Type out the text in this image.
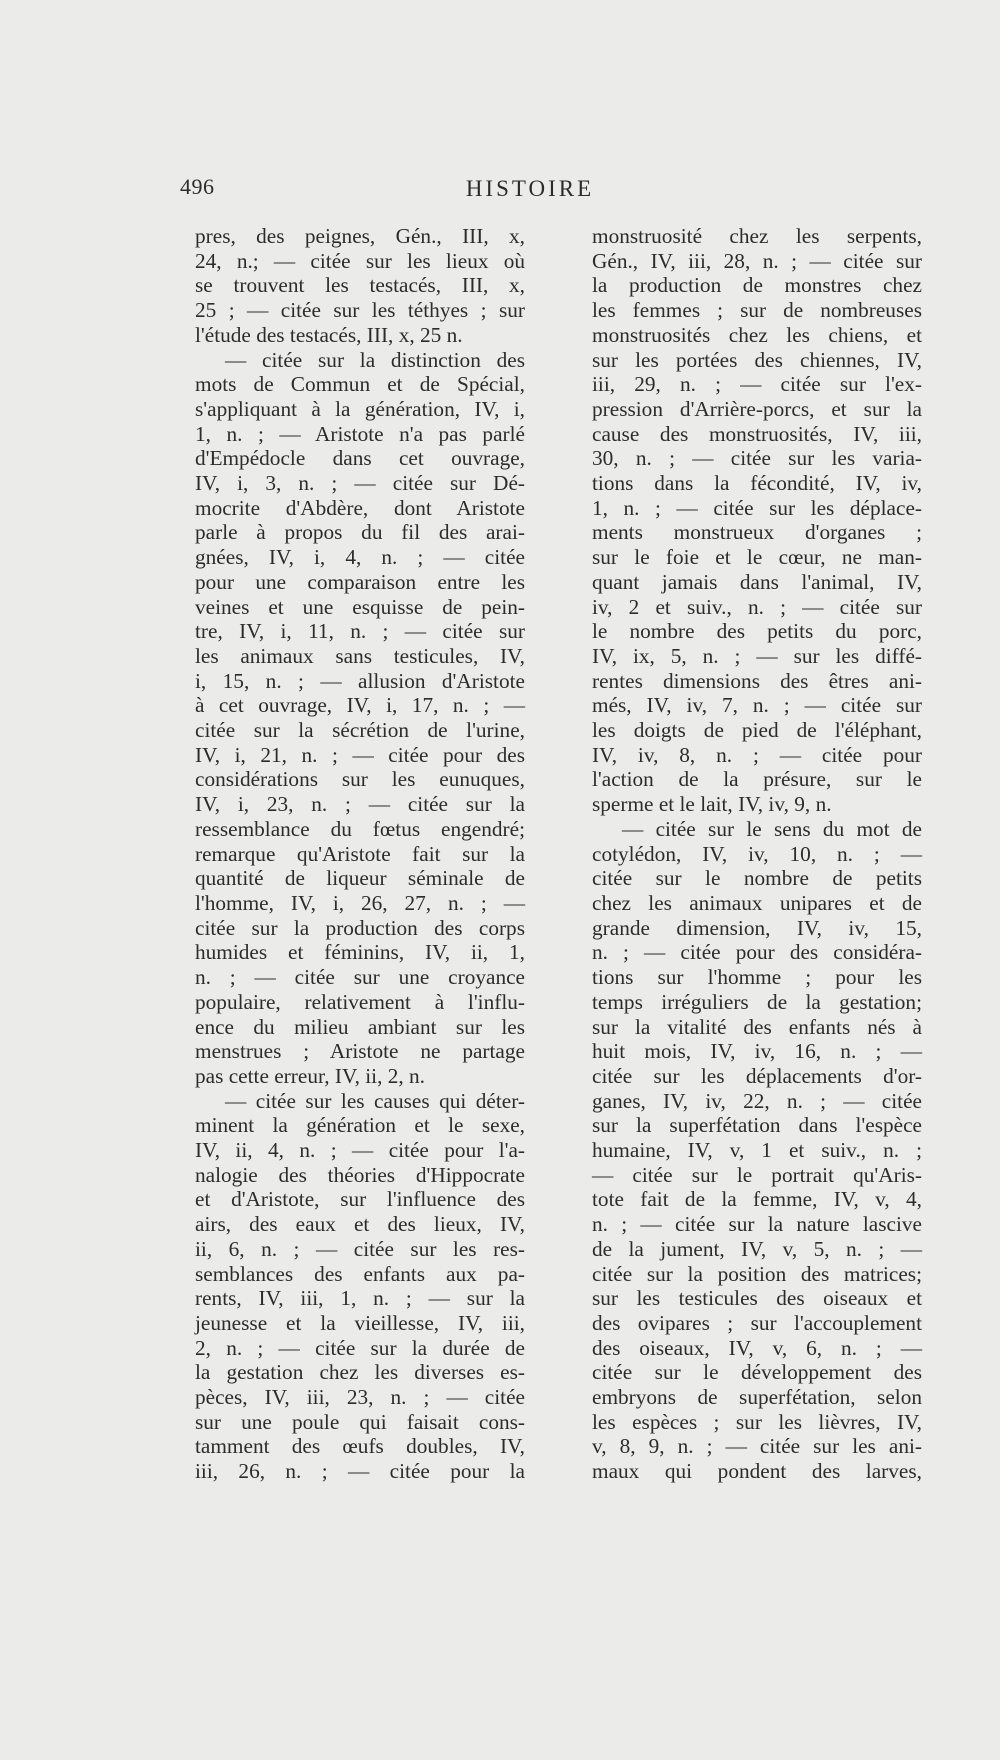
496	HISTOIRE
pres, des peignes, Gén., III, x,
24, n.; — citée sur les lieux où
se trouvent les testacés, III, x,
25 ; — citée sur les téthyes ; sur
l'étude des testacés, III, x, 25 n.
— citée sur la distinction des
mots de Commun et de Spécial,
s'appliquant à la génération, IV, i,
1, n. ; — Aristote n'a pas parlé
d'Empédocle dans cet ouvrage,
IV, i, 3, n. ; — citée sur Dé-
mocrite d'Abdère, dont Aristote
parle à propos du fil des arai-
gnées, IV, i, 4, n. ; — citée
pour une comparaison entre les
veines et une esquisse de pein-
tre, IV, i, 11, n. ; — citée sur
les animaux sans testicules, IV,
i, 15, n. ; — allusion d'Aristote
à cet ouvrage, IV, i, 17, n. ; —
citée sur la sécrétion de l'urine,
IV, i, 21, n. ; — citée pour des
considérations sur les eunuques,
IV, i, 23, n. ; — citée sur la
ressemblance du fœtus engendré;
remarque qu'Aristote fait sur la
quantité de liqueur séminale de
l'homme, IV, i, 26, 27, n. ; —
citée sur la production des corps
humides et féminins, IV, ii, 1,
n. ; — citée sur une croyance
populaire, relativement à l'influ-
ence du milieu ambiant sur les
menstrues ; Aristote ne partage
pas cette erreur, IV, ii, 2, n.
— citée sur les causes qui déter-
minent la génération et le sexe,
IV, ii, 4, n. ; — citée pour l'a-
nalogie des théories d'Hippocrate
et d'Aristote, sur l'influence des
airs, des eaux et des lieux, IV,
ii, 6, n. ; — citée sur les res-
semblances des enfants aux pa-
rents, IV, iii, 1, n. ; — sur la
jeunesse et la vieillesse, IV, iii,
2, n. ; — citée sur la durée de
la gestation chez les diverses es-
pèces, IV, iii, 23, n. ; — citée
sur une poule qui faisait cons-
tamment des œufs doubles, IV,
iii, 26, n. ; — citée pour la
monstruosité chez les serpents,
Gén., IV, iii, 28, n. ; — citée sur
la production de monstres chez
les femmes ; sur de nombreuses
monstruosités chez les chiens, et
sur les portées des chiennes, IV,
iii, 29, n. ; — citée sur l'ex-
pression d'Arrière-porcs, et sur la
cause des monstruosités, IV, iii,
30, n. ; — citée sur les varia-
tions dans la fécondité, IV, iv,
1, n. ; — citée sur les déplace-
ments monstrueux d'organes ;
sur le foie et le cœur, ne man-
quant jamais dans l'animal, IV,
iv, 2 et suiv., n. ; — citée sur
le nombre des petits du porc,
IV, ix, 5, n. ; — sur les diffé-
rentes dimensions des êtres ani-
més, IV, iv, 7, n. ; — citée sur
les doigts de pied de l'éléphant,
IV, iv, 8, n. ; — citée pour
l'action de la présure, sur le
sperme et le lait, IV, iv, 9, n.
— citée sur le sens du mot de
cotylédon, IV, iv, 10, n. ; —
citée sur le nombre de petits
chez les animaux unipares et de
grande dimension, IV, iv, 15,
n. ; — citée pour des considéra-
tions sur l'homme ; pour les
temps irréguliers de la gestation;
sur la vitalité des enfants nés à
huit mois, IV, iv, 16, n. ; —
citée sur les déplacements d'or-
ganes, IV, iv, 22, n. ; — citée
sur la superfétation dans l'espèce
humaine, IV, v, 1 et suiv., n. ;
— citée sur le portrait qu'Aris-
tote fait de la femme, IV, v, 4,
n. ; — citée sur la nature lascive
de la jument, IV, v, 5, n. ; —
citée sur la position des matrices;
sur les testicules des oiseaux et
des ovipares ; sur l'accouplement
des oiseaux, IV, v, 6, n. ; —
citée sur le développement des
embryons de superfétation, selon
les espèces ; sur les lièvres, IV,
v, 8, 9, n. ; — citée sur les ani-
maux qui pondent des larves,
